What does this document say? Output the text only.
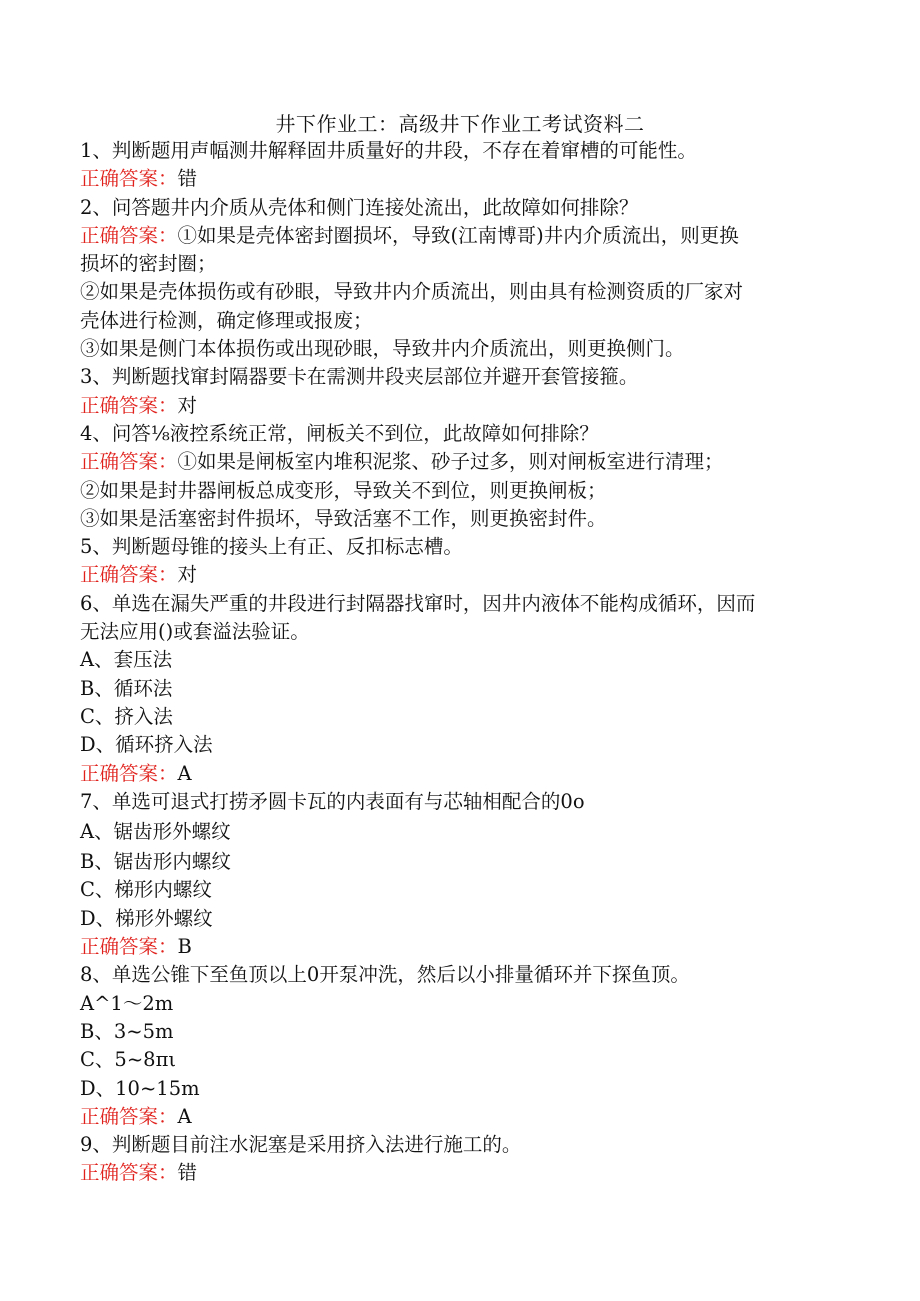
井下作业工：高级井下作业工考试资料二
1、判断题用声幅测井解释固井质量好的井段，不存在着窜槽的可能性。
正确答案：错
2、问答题井内介质从壳体和侧门连接处流出，此故障如何排除？
正确答案：①如果是壳体密封圈损坏，导致(江南博哥)井内介质流出，则更换
损坏的密封圈；
②如果是壳体损伤或有砂眼，导致井内介质流出，则由具有检测资质的厂家对
壳体进行检测，确定修理或报废；
③如果是侧门本体损伤或出现砂眼，导致井内介质流出，则更换侧门。
3、判断题找窜封隔器要卡在需测井段夹层部位并避开套管接箍。
正确答案：对
4、问答⅛液控系统正常，闸板关不到位，此故障如何排除？
正确答案：①如果是闸板室内堆积泥浆、砂子过多，则对闸板室进行清理；
②如果是封井器闸板总成变形，导致关不到位，则更换闸板；
③如果是活塞密封件损坏，导致活塞不工作，则更换密封件。
5、判断题母锥的接头上有正、反扣标志槽。
正确答案：对
6、单选在漏失严重的井段进行封隔器找窜时，因井内液体不能构成循环，因而
无法应用()或套溢法验证。
A、套压法
B、循环法
C、挤入法
D、循环挤入法
正确答案：A
7、单选可退式打捞矛圆卡瓦的内表面有与芯轴相配合的0o
A、锯齿形外螺纹
B、锯齿形内螺纹
C、梯形内螺纹
D、梯形外螺纹
正确答案：B
8、单选公锥下至鱼顶以上0开泵冲洗，然后以小排量循环并下探鱼顶。
A^1～2m
B、3~5m
C、5~8πι
D、10~15m
正确答案：A
9、判断题目前注水泥塞是采用挤入法进行施工的。
正确答案：错
